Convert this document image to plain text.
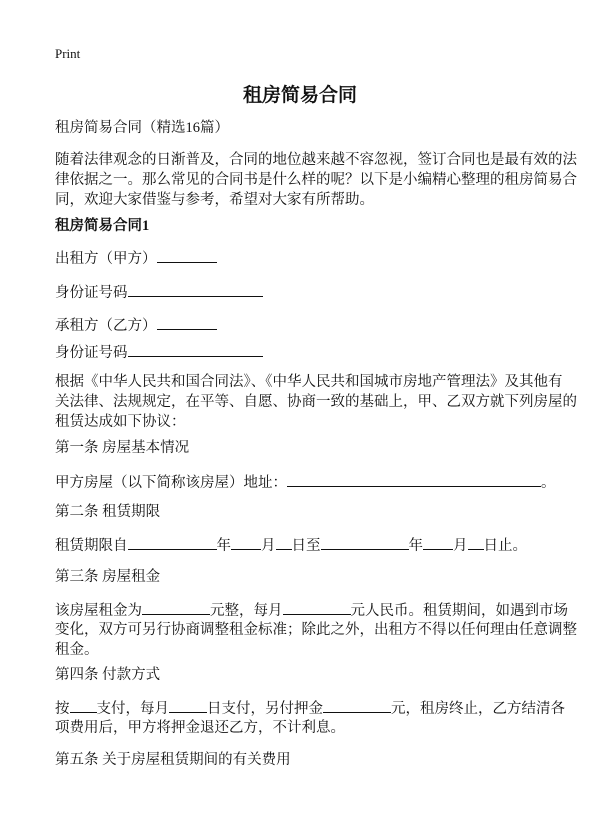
Print
租房简易合同
租房简易合同（精选16篇）
随着法律观念的日渐普及，合同的地位越来越不容忽视，签订合同也是最有效的法
律依据之一。那么常见的合同书是什么样的呢？以下是小编精心整理的租房简易合
同，欢迎大家借鉴与参考，希望对大家有所帮助。
租房简易合同1
出租方（甲方）
身份证号码
承租方（乙方）
身份证号码
根据《中华人民共和国合同法》、《中华人民共和国城市房地产管理法》及其他有
关法律、法规规定，在平等、自愿、协商一致的基础上，甲、乙双方就下列房屋的
租赁达成如下协议：
第一条 房屋基本情况
甲方房屋（以下简称该房屋）地址：	。
第二条 租赁期限
租赁期限自	年 月 日至	年 月 日止。
第三条 房屋租金
该房屋租金为	元整，每月	元人民币。租赁期间，如遇到市场
变化，双方可另行协商调整租金标准；除此之外，出租方不得以任何理由任意调整
租金。
第四条 付款方式
按 支付，每月	日支付，另付押金	元，租房终止，乙方结清各
项费用后，甲方将押金退还乙方，不计利息。
第五条 关于房屋租赁期间的有关费用
